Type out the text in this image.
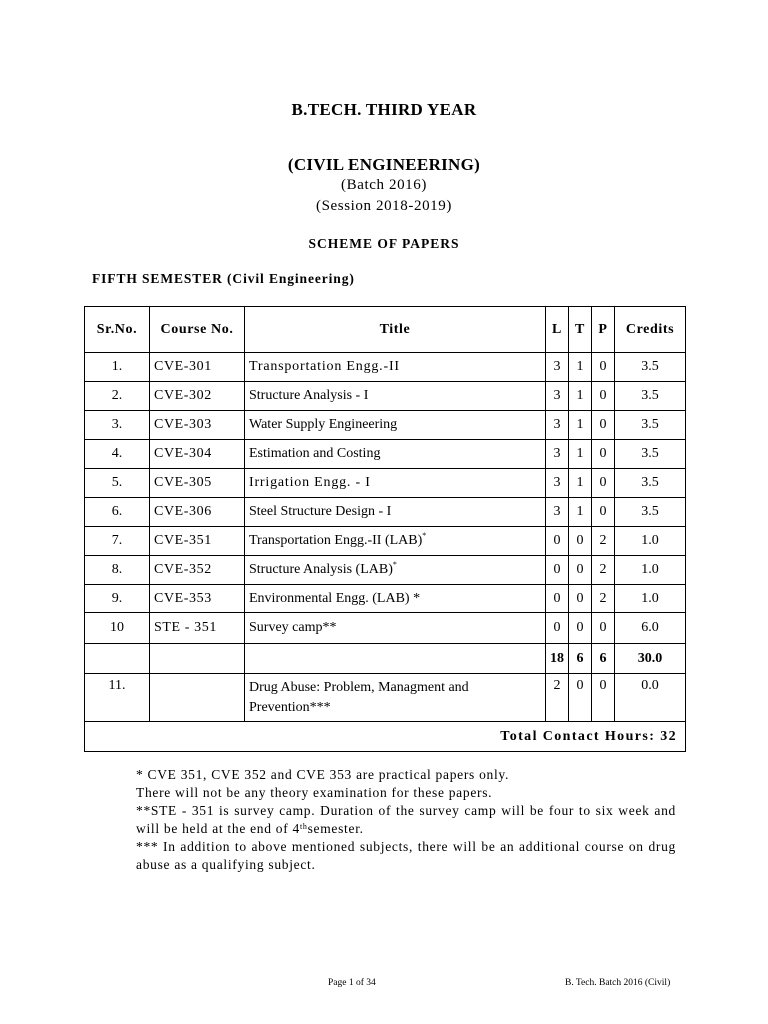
B.TECH. THIRD YEAR
(CIVIL ENGINEERING)
(Batch 2016)
(Session 2018-2019)
SCHEME OF PAPERS
FIFTH SEMESTER (Civil Engineering)
Sr.No.	Course No.	Title	L	T	P	Credits
1.	CVE-301	Transportation Engg.-II	3	1	0	3.5
2.	CVE-302	Structure Analysis - I	3	1	0	3.5
3.	CVE-303	Water Supply Engineering	3	1	0	3.5
4.	CVE-304	Estimation and Costing	3	1	0	3.5
5.	CVE-305	Irrigation Engg. - I	3	1	0	3.5
6.	CVE-306	Steel Structure Design - I	3	1	0	3.5
7.	CVE-351	Transportation Engg.-II (LAB)*	0	0	2	1.0
8.	CVE-352	Structure Analysis (LAB)*	0	0	2	1.0
9.	CVE-353	Environmental Engg. (LAB) *	0	0	2	1.0
10	STE - 351	Survey camp**	0	0	0	6.0
			18	6	6	30.0
11.		Drug Abuse: Problem, Managment and Prevention***	2	0	0	0.0
Total Contact Hours: 32						

* CVE 351, CVE 352 and CVE 353 are practical papers only.

There will not be any theory examination for these papers.

**STE - 351 is survey camp. Duration of the survey camp will be four to six week and will be held at the end of 4thsemester.

*** In addition to above mentioned subjects, there will be an additional course on drug abuse as a qualifying subject.

Page 1 of 34	B. Tech. Batch 2016 (Civil)
